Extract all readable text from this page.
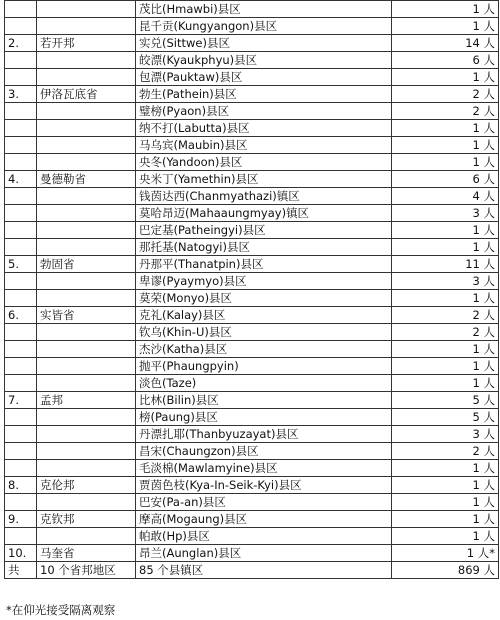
		茂比(Hmawbi)县区	1 人
		昆千贡(Kungyangon)县区	1 人
2.	若开邦	实兑(Sittwe)县区	14 人
		皎漂(Kyaukphyu)县区	6 人
		包漂(Pauktaw)县区	1 人
3.	伊洛瓦底省	勃生(Pathein)县区	2 人
		璧榜(Pyaon)县区	2 人
		纳不打(Labutta)县区	1 人
		马乌宾(Maubin)县区	1 人
		央冬(Yandoon)县区	1 人
4.	曼德勒省	央米丁(Yamethin)县区	6 人
		钱茵达西(Chanmyathazi)镇区	4 人
		莫哈昂迈(Mahaaungmyay)镇区	3 人
		巴定基(Patheingyi)县区	1 人
		那托基(Natogyi)县区	1 人
5.	勃固省	丹那平(Thanatpin)县区	11 人
		卑谬(Pyaymyo)县区	3 人
		莫荣(Monyo)县区	1 人
6.	实皆省	克礼(Kalay)县区	2 人
		钦乌(Khin-U)县区	2 人
		杰沙(Katha)县区	1 人
		抛平(Phaungpyin)	1 人
		淡色(Taze)	1 人
7.	孟邦	比林(Bilin)县区	5 人
		榜(Paung)县区	5 人
		丹漂扎耶(Thanbyuzayat)县区	3 人
		昌宋(Chaungzon)县区	2 人
		毛淡棉(Mawlamyine)县区	1 人
8.	克伦邦	贾茵色枝(Kya-In-Seik-Kyi)县区	1 人
		巴安(Pa-an)县区	1 人
9.	克钦邦	摩高(Mogaung)县区	1 人
		帕敢(Hp)县区	1 人
10.	马奎省	昂兰(Aunglan)县区	1 人*
共	10 个省邦地区	85 个县镇区	869 人
*在仰光接受隔离观察
